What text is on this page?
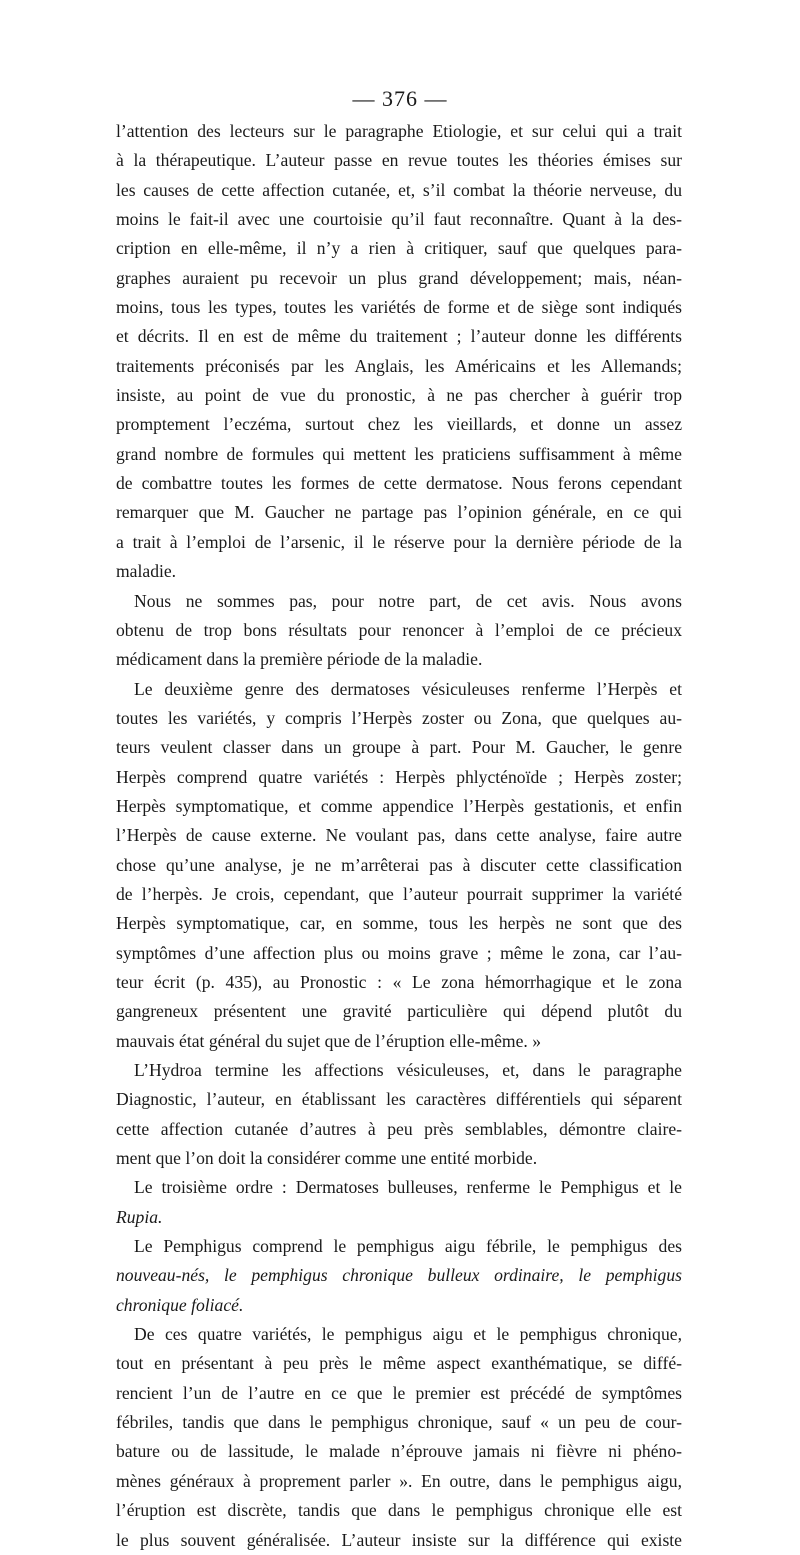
— 376 —
l’attention des lecteurs sur le paragraphe Etiologie, et sur celui qui a trait
à la thérapeutique. L’auteur passe en revue toutes les théories émises sur
les causes de cette affection cutanée, et, s’il combat la théorie nerveuse, du
moins le fait-il avec une courtoisie qu’il faut reconnaître. Quant à la des-
cription en elle-même, il n’y a rien à critiquer, sauf que quelques para-
graphes auraient pu recevoir un plus grand développement; mais, néan-
moins, tous les types, toutes les variétés de forme et de siège sont indiqués
et décrits. Il en est de même du traitement ; l’auteur donne les différents
traitements préconisés par les Anglais, les Américains et les Allemands;
insiste, au point de vue du pronostic, à ne pas chercher à guérir trop
promptement l’eczéma, surtout chez les vieillards, et donne un assez
grand nombre de formules qui mettent les praticiens suffisamment à même
de combattre toutes les formes de cette dermatose. Nous ferons cependant
remarquer que M. Gaucher ne partage pas l’opinion générale, en ce qui
a trait à l’emploi de l’arsenic, il le réserve pour la dernière période de la
maladie.
Nous ne sommes pas, pour notre part, de cet avis. Nous avons
obtenu de trop bons résultats pour renoncer à l’emploi de ce précieux
médicament dans la première période de la maladie.
Le deuxième genre des dermatoses vésiculeuses renferme l’Herpès et
toutes les variétés, y compris l’Herpès zoster ou Zona, que quelques au-
teurs veulent classer dans un groupe à part. Pour M. Gaucher, le genre
Herpès comprend quatre variétés : Herpès phlycténoïde ; Herpès zoster;
Herpès symptomatique, et comme appendice l’Herpès gestationis, et enfin
l’Herpès de cause externe. Ne voulant pas, dans cette analyse, faire autre
chose qu’une analyse, je ne m’arrêterai pas à discuter cette classification
de l’herpès. Je crois, cependant, que l’auteur pourrait supprimer la variété
Herpès symptomatique, car, en somme, tous les herpès ne sont que des
symptômes d’une affection plus ou moins grave ; même le zona, car l’au-
teur écrit (p. 435), au Pronostic : « Le zona hémorrhagique et le zona
gangreneux présentent une gravité particulière qui dépend plutôt du
mauvais état général du sujet que de l’éruption elle-même. »
L’Hydroa termine les affections vésiculeuses, et, dans le paragraphe
Diagnostic, l’auteur, en établissant les caractères différentiels qui séparent
cette affection cutanée d’autres à peu près semblables, démontre claire-
ment que l’on doit la considérer comme une entité morbide.
Le troisième ordre : Dermatoses bulleuses, renferme le Pemphigus et le
Rupia.
Le Pemphigus comprend le pemphigus aigu fébrile, le pemphigus des
nouveau-nés, le pemphigus chronique bulleux ordinaire, le pemphigus
chronique foliacé.
De ces quatre variétés, le pemphigus aigu et le pemphigus chronique,
tout en présentant à peu près le même aspect exanthématique, se diffé-
rencient l’un de l’autre en ce que le premier est précédé de symptômes
fébriles, tandis que dans le pemphigus chronique, sauf « un peu de cour-
bature ou de lassitude, le malade n’éprouve jamais ni fièvre ni phéno-
mènes généraux à proprement parler ». En outre, dans le pemphigus aigu,
l’éruption est discrète, tandis que dans le pemphigus chronique elle est
le plus souvent généralisée. L’auteur insiste sur la différence qui existe
